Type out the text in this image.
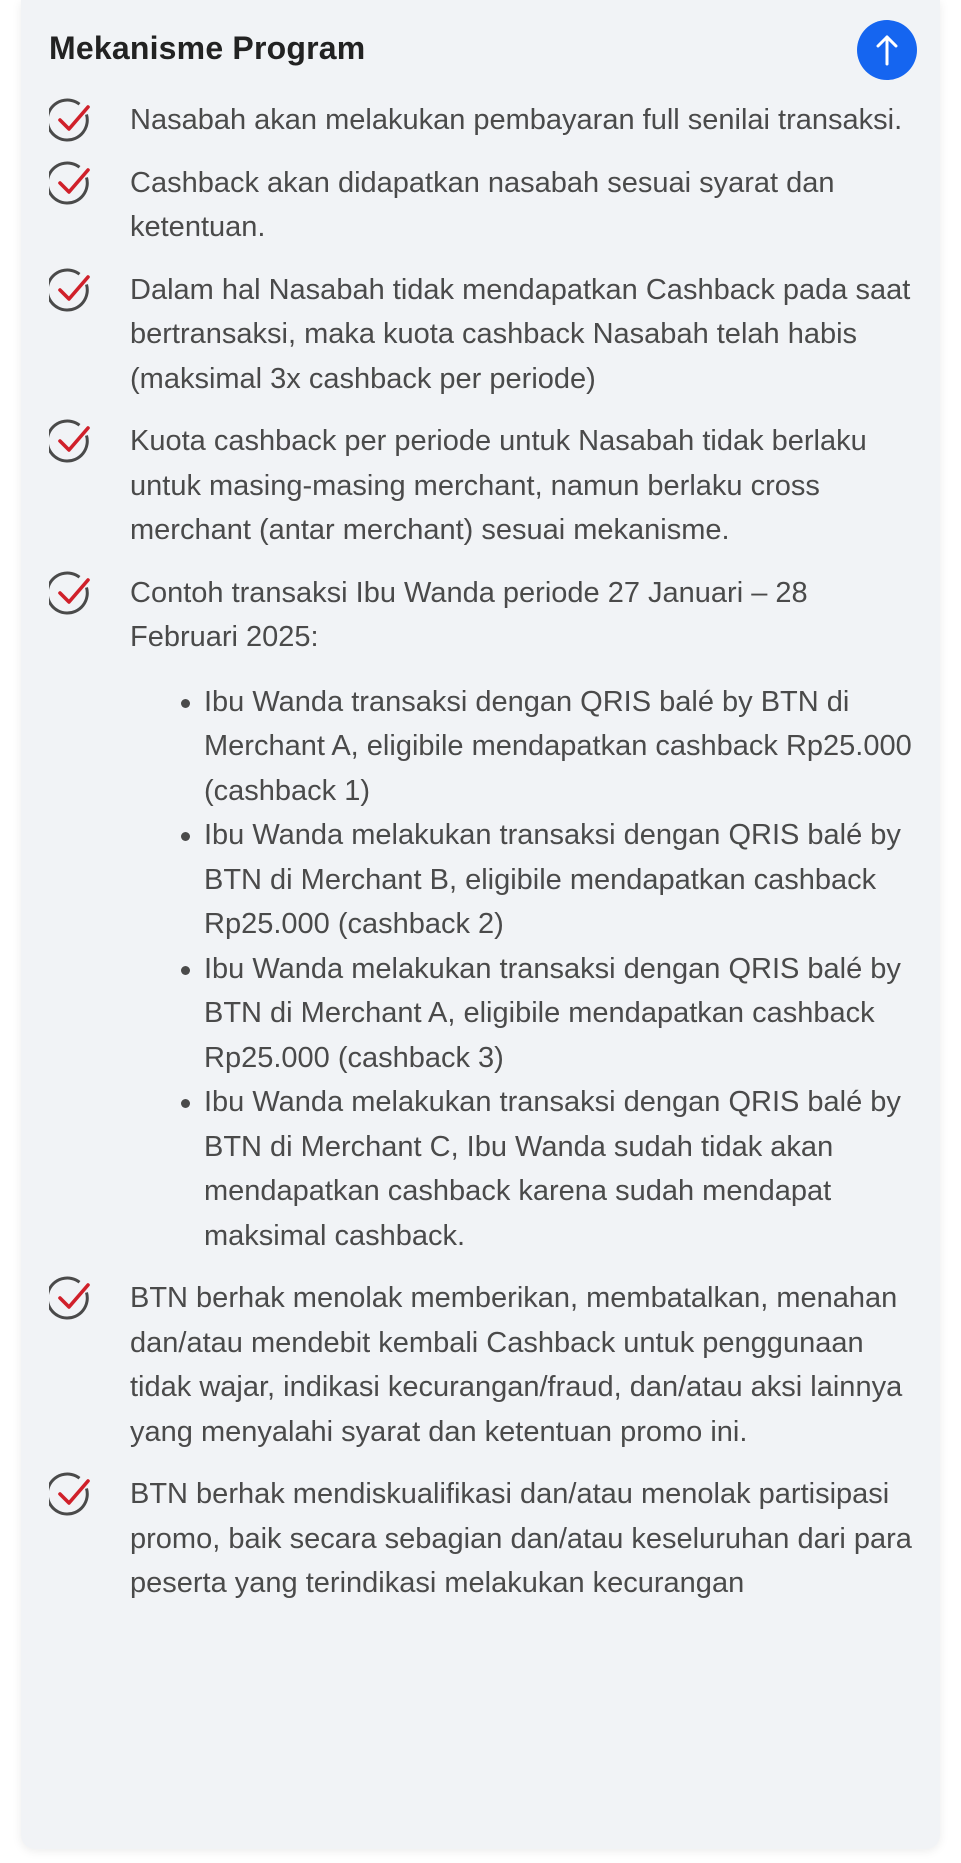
Mekanisme Program
Nasabah akan melakukan pembayaran full senilai transaksi.
Cashback akan didapatkan nasabah sesuai syarat dan ketentuan.
Dalam hal Nasabah tidak mendapatkan Cashback pada saat bertransaksi, maka kuota cashback Nasabah telah habis (maksimal 3x cashback per periode)
Kuota cashback per periode untuk Nasabah tidak berlaku untuk masing-masing merchant, namun berlaku cross merchant (antar merchant) sesuai mekanisme.
Contoh transaksi Ibu Wanda periode 27 Januari – 28 Februari 2025:
Ibu Wanda transaksi dengan QRIS balé by BTN di Merchant A, eligibile mendapatkan cashback Rp25.000 (cashback 1)
Ibu Wanda melakukan transaksi dengan QRIS balé by BTN di Merchant B, eligibile mendapatkan cashback Rp25.000 (cashback 2)
Ibu Wanda melakukan transaksi dengan QRIS balé by BTN di Merchant A, eligibile mendapatkan cashback Rp25.000 (cashback 3)
Ibu Wanda melakukan transaksi dengan QRIS balé by BTN di Merchant C, Ibu Wanda sudah tidak akan mendapatkan cashback karena sudah mendapat maksimal cashback.
BTN berhak menolak memberikan, membatalkan, menahan dan/atau mendebit kembali Cashback untuk penggunaan tidak wajar, indikasi kecurangan/fraud, dan/atau aksi lainnya yang menyalahi syarat dan ketentuan promo ini.
BTN berhak mendiskualifikasi dan/atau menolak partisipasi promo, baik secara sebagian dan/atau keseluruhan dari para peserta yang terindikasi melakukan kecurangan
